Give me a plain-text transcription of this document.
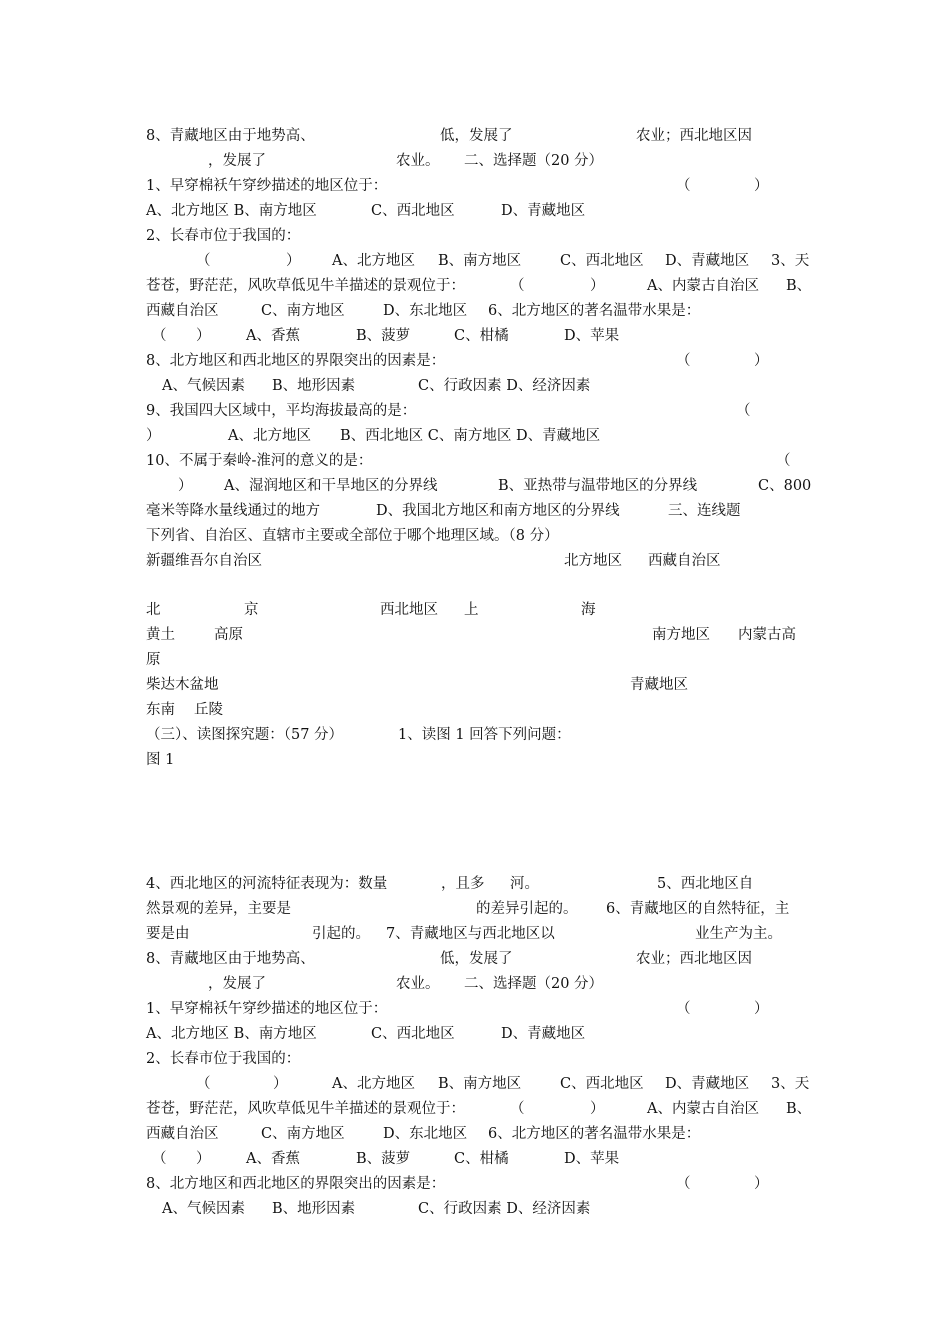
8、青藏地区由于地势高、	低，发展了	农业；西北地区因
，发展了	农业。 二、选择题（20 分）
1、早穿棉袄午穿纱描述的地区位于：	（	）
A、北方地区 B、南方地区	C、西北地区	D、青藏地区
2、长春市位于我国的：
（	） A、北方地区 B、南方地区	C、西北地区 D、青藏地区 3、天
苍苍，野茫茫，风吹草低见牛羊描述的景观位于：	（	）	A、内蒙古自治区 B、
西藏自治区	C、南方地区	D、东北地区 6、北方地区的著名温带水果是：
（ ） A、香蕉	B、菠萝	C、柑橘	D、苹果
8、北方地区和西北地区的界限突出的因素是：	（	）
A、气候因素 B、地形因素	C、行政因素 D、经济因素
9、我国四大区域中，平均海拔最高的是：	（
）	A、北方地区 B、西北地区 C、南方地区 D、青藏地区
10、不属于秦岭-淮河的意义的是：	（
） A、湿润地区和干旱地区的分界线	B、亚热带与温带地区的分界线	C、800
毫米等降水量线通过的地方	D、我国北方地区和南方地区的分界线	三、连线题
下列省、自治区、直辖市主要或全部位于哪个地理区域。（8 分）
新疆维吾尔自治区	北方地区 西藏自治区
北	京	西北地区 上	海
黄土	高原	南方地区 内蒙古高
原
柴达木盆地	青藏地区
东南 丘陵
（三）、读图探究题：（57 分）	1、读图 1 回答下列问题：
图 1
4、西北地区的河流特征表现为：数量	，且多 河。	5、西北地区自
然景观的差异，主要是	的差异引起的。 6、青藏地区的自然特征，主
要是由	引起的。 7、青藏地区与西北地区以	业生产为主。
8、青藏地区由于地势高、	低，发展了	农业；西北地区因
，发展了	农业。 二、选择题（20 分）
1、早穿棉袄午穿纱描述的地区位于：	（	）
A、北方地区 B、南方地区	C、西北地区	D、青藏地区
2、长春市位于我国的：
（	）	A、北方地区 B、南方地区	C、西北地区 D、青藏地区 3、天
苍苍，野茫茫，风吹草低见牛羊描述的景观位于：	（	）	A、内蒙古自治区 B、
西藏自治区	C、南方地区	D、东北地区 6、北方地区的著名温带水果是：
（ ） A、香蕉	B、菠萝	C、柑橘	D、苹果
8、北方地区和西北地区的界限突出的因素是：	（	）
A、气候因素 B、地形因素	C、行政因素 D、经济因素
